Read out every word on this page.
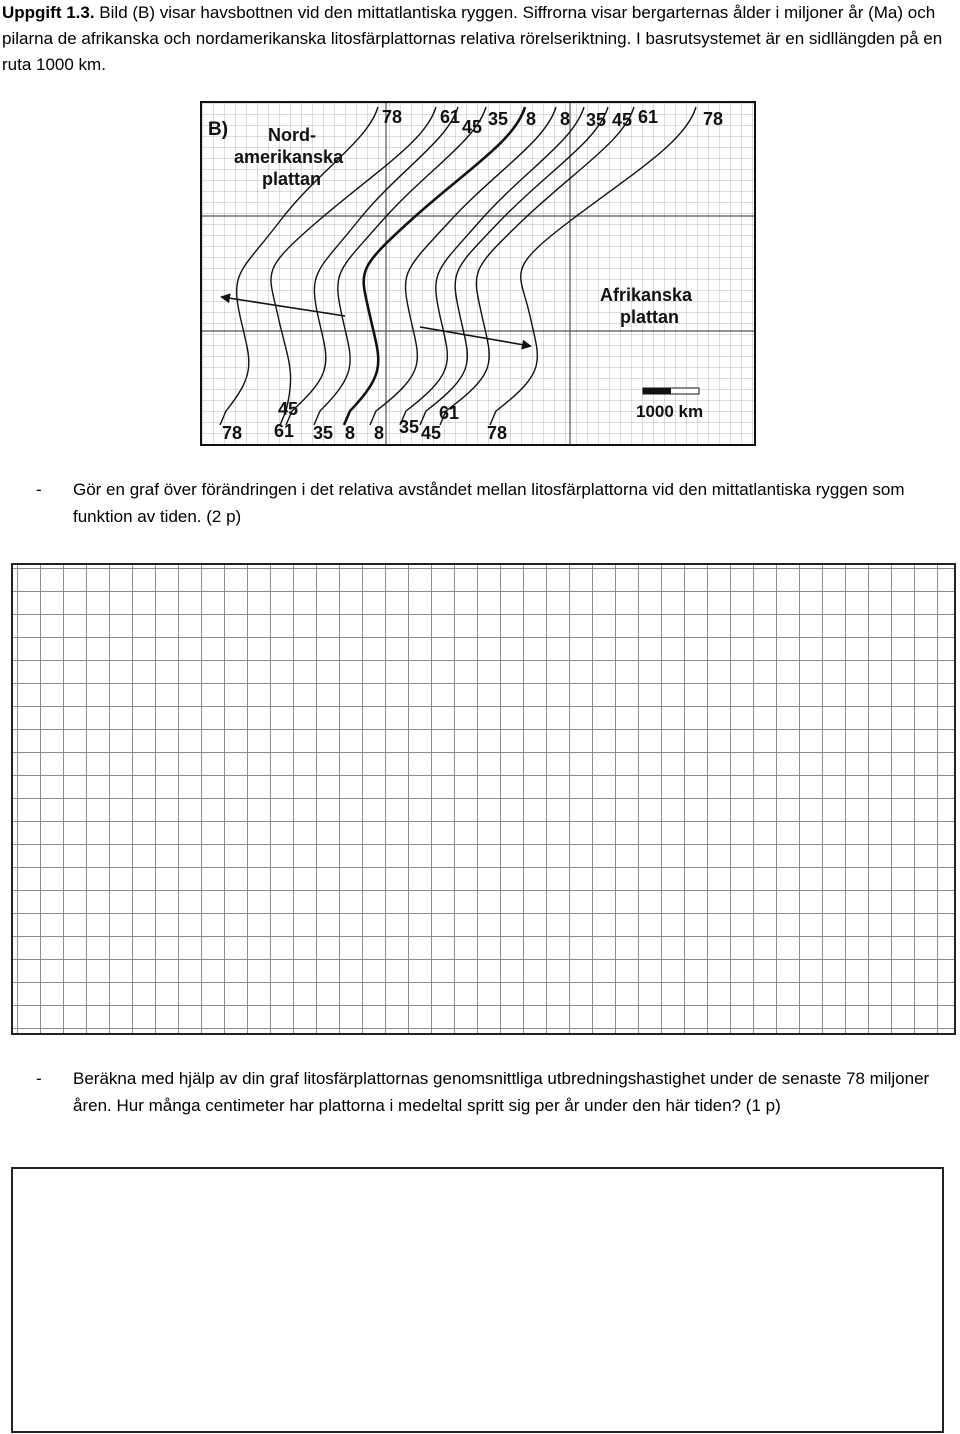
Uppgift 1.3. Bild (B) visar havsbottnen vid den mittatlantiska ryggen. Siffrorna visar bergarternas ålder i miljoner år (Ma) och pilarna de afrikanska och nordamerikanska litosfärplattornas relativa rörelseriktning. I basrutsystemet är en sidllängden på en ruta 1000 km.
B) Nord-
amerikanska
plattan
Afrikanska
plattan
1000 km
78 61 45 35 8 8 35 45 61 78
78 61
45
35 8 8 35 45
61
78
-	Gör en graf över förändringen i det relativa avståndet mellan litosfärplattorna vid den mittatlantiska ryggen som funktion av tiden. (2 p)
-	Beräkna med hjälp av din graf litosfärplattornas genomsnittliga utbredningshastighet under de senaste 78 miljoner åren. Hur många centimeter har plattorna i medeltal spritt sig per år under den här tiden? (1 p)
